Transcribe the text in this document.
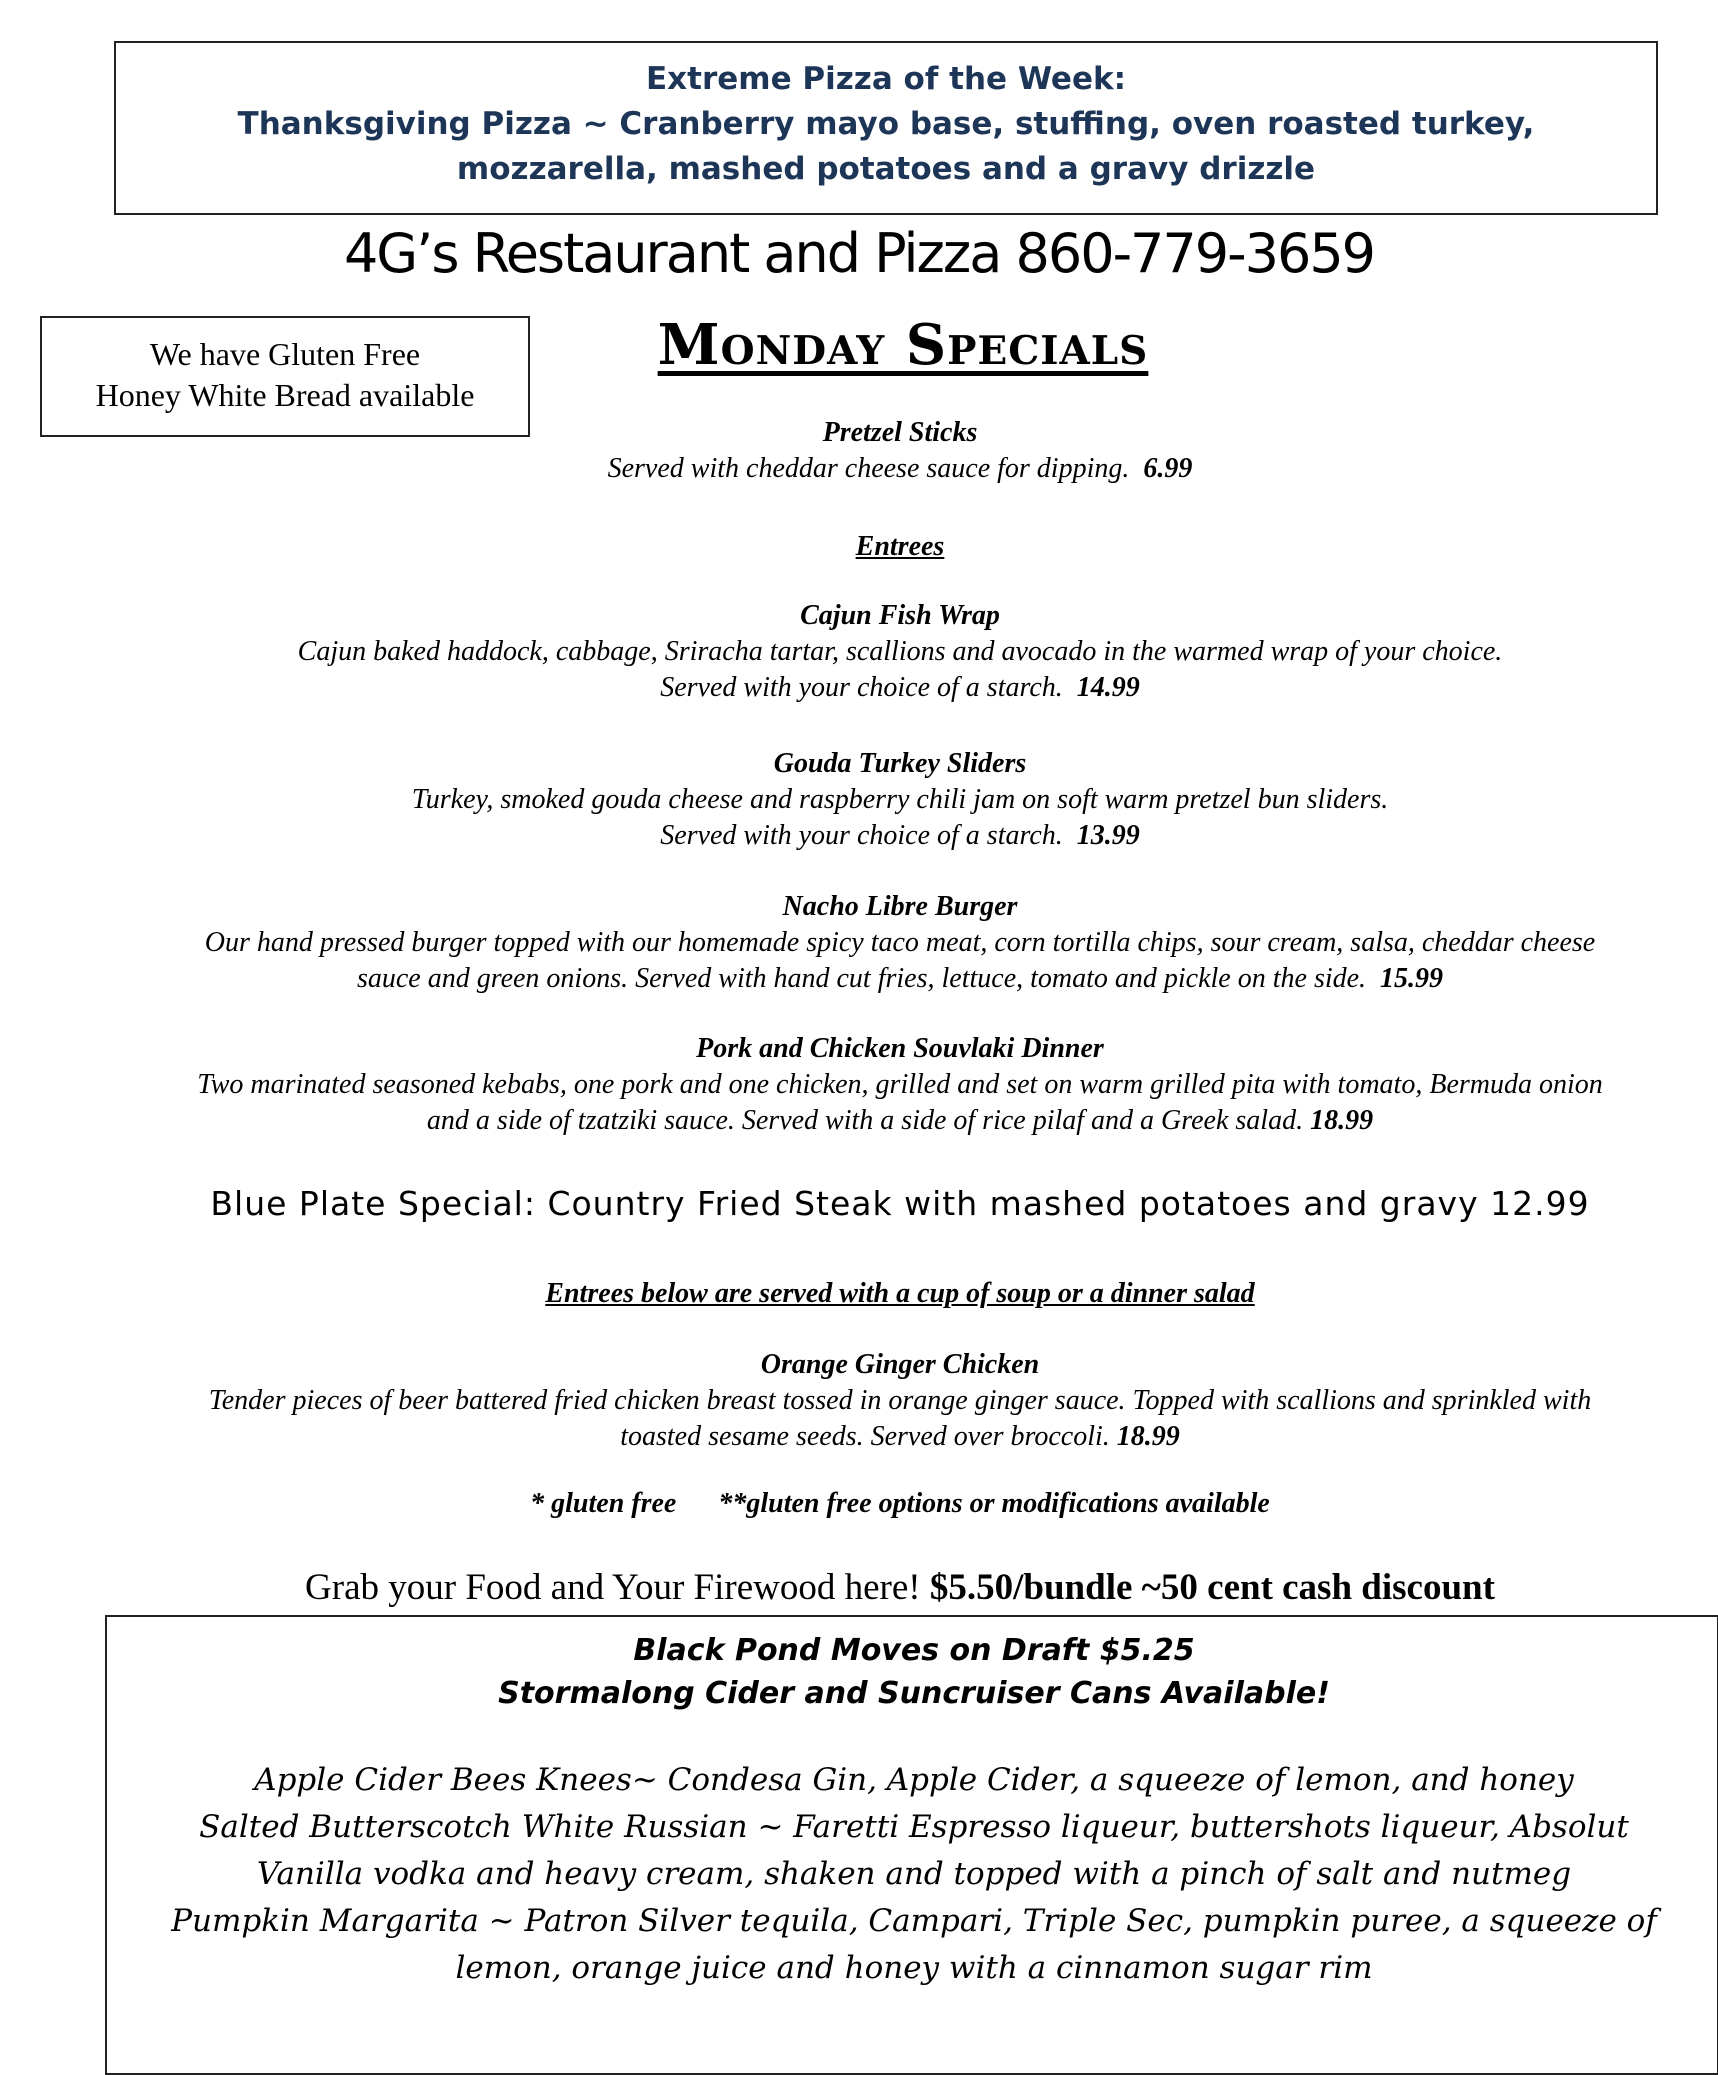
Extreme Pizza of the Week:
Thanksgiving Pizza ~ Cranberry mayo base, stuffing, oven roasted turkey,
mozzarella, mashed potatoes and a gravy drizzle
4G’s Restaurant and Pizza 860-779-3659
We have Gluten Free
Honey White Bread available
Monday Specials
Pretzel Sticks
Served with cheddar cheese sauce for dipping. 6.99
Entrees
Cajun Fish Wrap
Cajun baked haddock, cabbage, Sriracha tartar, scallions and avocado in the warmed wrap of your choice.
Served with your choice of a starch. 14.99
Gouda Turkey Sliders
Turkey, smoked gouda cheese and raspberry chili jam on soft warm pretzel bun sliders.
Served with your choice of a starch. 13.99
Nacho Libre Burger
Our hand pressed burger topped with our homemade spicy taco meat, corn tortilla chips, sour cream, salsa, cheddar cheese
sauce and green onions. Served with hand cut fries, lettuce, tomato and pickle on the side. 15.99
Pork and Chicken Souvlaki Dinner
Two marinated seasoned kebabs, one pork and one chicken, grilled and set on warm grilled pita with tomato, Bermuda onion
and a side of tzatziki sauce. Served with a side of rice pilaf and a Greek salad. 18.99
Blue Plate Special: Country Fried Steak with mashed potatoes and gravy 12.99
Entrees below are served with a cup of soup or a dinner salad
Orange Ginger Chicken
Tender pieces of beer battered fried chicken breast tossed in orange ginger sauce. Topped with scallions and sprinkled with
toasted sesame seeds. Served over broccoli. 18.99
* gluten free **gluten free options or modifications available
Grab your Food and Your Firewood here! $5.50/bundle ~50 cent cash discount
Black Pond Moves on Draft $5.25
Stormalong Cider and Suncruiser Cans Available!
Apple Cider Bees Knees~ Condesa Gin, Apple Cider, a squeeze of lemon, and honey
Salted Butterscotch White Russian ~ Faretti Espresso liqueur, buttershots liqueur, Absolut
Vanilla vodka and heavy cream, shaken and topped with a pinch of salt and nutmeg
Pumpkin Margarita ~ Patron Silver tequila, Campari, Triple Sec, pumpkin puree, a squeeze of
lemon, orange juice and honey with a cinnamon sugar rim
